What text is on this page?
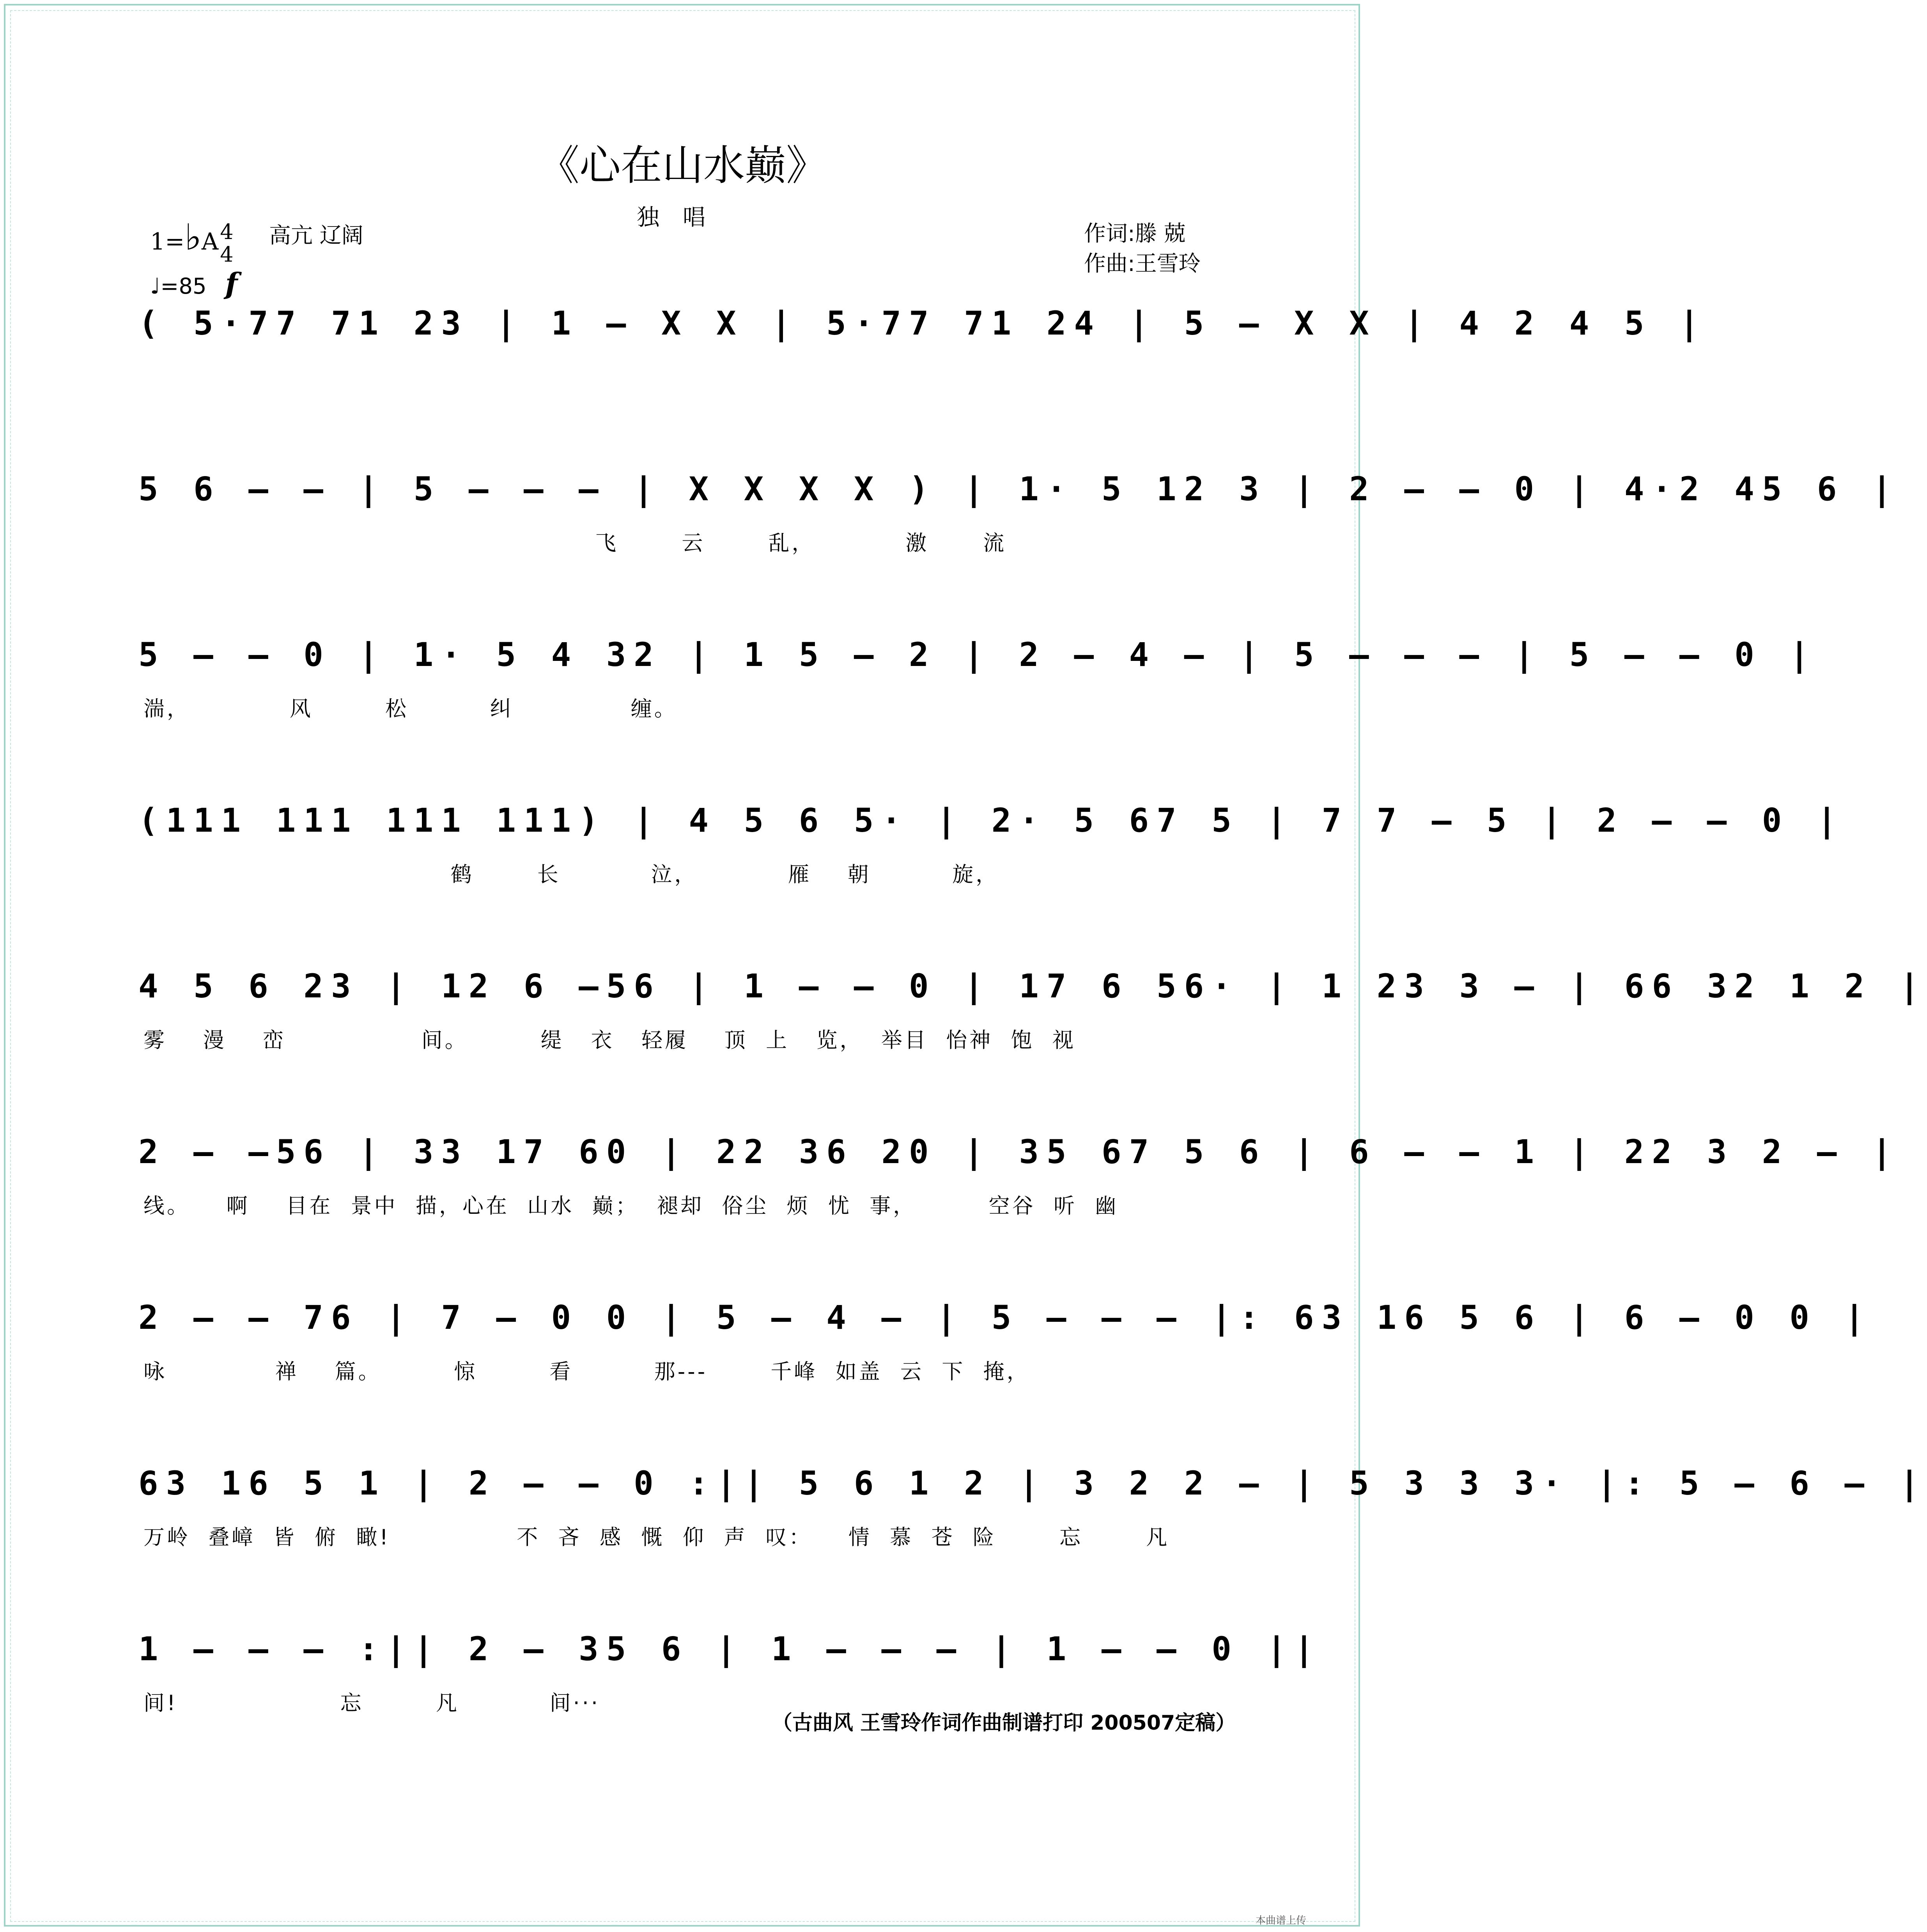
《心在山水巅》
独唱
1=♭A4
4
高亢 辽阔
♩=85 f
作词:滕 兢
作曲:王雪玲
( 5·77 71 23 | 1 – X X | 5·77 71 24 | 5 – X X | 4 2 4 5 |
5 6 – – | 5 – – – | X X X X ) | 1· 5 12 3 | 2 – – 0 | 4·2 45 6 |
飞       云       乱，          激      流
5 – – 0 | 1· 5 4 32 | 1 5 – 2 | 2 – 4 – | 5 – – – | 5 – – 0 |
湍，           风        松         纠             缠。
(111 111 111 111) | 4 5 6 5· | 2· 5 67 5 | 7 7 – 5 | 2 – – 0 |
鹤       长          泣，          雁    朝         旋，
4 5 6 23 | 12 6 –56 | 1 – – 0 | 17 6 56· | 1 23 3 – | 66 32 1 2 |
雾    漫    峦               间。        缇   衣   轻履    顶  上   览，  举目  怡神  饱  视
2 – –56 | 33 17 60 | 22 36 20 | 35 67 5 6 | 6 – – 1 | 22 3 2 – |
线。    啊    目在  景中  描，心在  山水  巅；  褪却  俗尘  烦  忧  事，        空谷  听  幽
2 – – 76 | 7 – 0 0 | 5 – 4 – | 5 – – – |: 63 16 5 6 | 6 – 0 0 |
咏            禅    篇。        惊        看         那---       千峰  如盖  云  下  掩，
63 16 5 1 | 2 – – 0 :|| 5 6 1 2 | 3 2 2 – | 5 3 3 3· |: 5 – 6 – |
万岭  叠嶂  皆  俯  瞰!              不  吝  感  慨  仰  声  叹：    情  慕  苍  险       忘       凡
1 – – – :|| 2 – 35 6 | 1 – – – | 1 – – 0 ||
间!                  忘        凡          间···
（古曲风 王雪玲作词作曲制谱打印 200507定稿）
本曲谱上传
